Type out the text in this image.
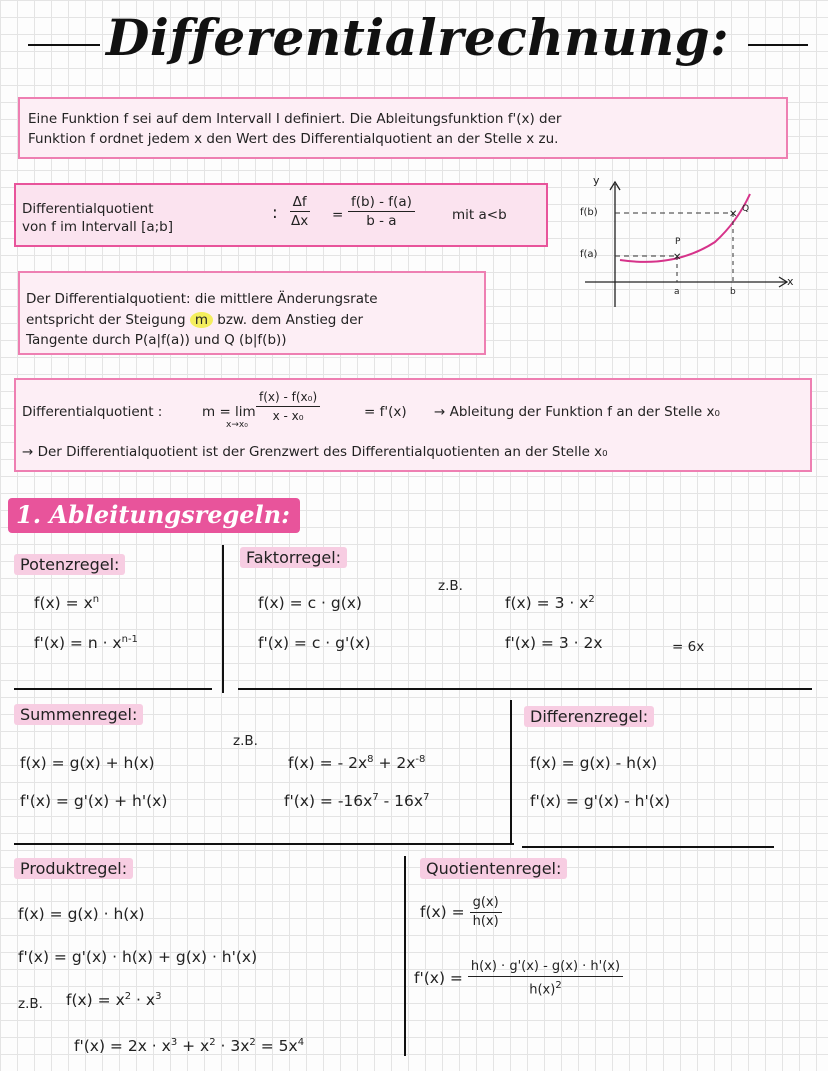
Differentialrechnung:
Eine Funktion f sei auf dem Intervall I definiert. Die Ableitungsfunktion f'(x) der
Funktion f ordnet jedem x den Wert des Differentialquotient an der Stelle x zu.
Differentialquotient
von f im Intervall [a;b]
: $\frac{\Delta f}{\Delta x} = \frac{f(b) - f(a)}{b - a}$	mit a<b
✕
✕
y
x
f(b)
f(a)
P
Q
a	b
Der Differentialquotient: die mittlere Änderungsrate
entspricht der Steigung m bzw. dem Anstieg der
Tangente durch P(a|f(a)) und Q (b|f(b))
Differentialquotient :	m = lim
$x\to x_0 \frac{\text{f(x) - f(x₀)}}{\text{x - x₀}}$	= f'(x) → Ableitung der Funktion f an der Stelle x₀
→ Der Differentialquotient ist der Grenzwert des Differentialquotienten an der Stelle x₀
1. Ableitungsregeln:
Potenzregel:
$f(x) = x^n$
$f'(x) = n \cdot x^{n-1}$
Faktorregel:
f(x) = c · g(x)
f'(x) = c · g'(x)
z.B.
$f(x) = 3 \cdot x^2$
f'(x) = 3 · 2x	= 6x
Summenregel:
f(x) = g(x) + h(x)
f'(x) = g'(x) + h'(x)
z.B.
f(x) = - $2x^8 + 2x^{-8}$
$f'(x) = -16x^7 - 16x^7$
Differenzregel:
f(x) = g(x) - h(x)
f'(x) = g'(x) - h'(x)
Produktregel:
f(x) = g(x) · h(x)
f'(x) = g'(x) · h(x) + g(x) · h'(x)
z.B. $f(x) = x^2 \cdot x^3$
$f'(x) = 2x \cdot x^3 + x^2 \cdot 3x^2 = 5x^4$
Quotientenregel:
$f(x) = \frac{g(x)}{h(x)}$
$f'(x) = \frac{h(x) \cdot g'(x) - g(x) \cdot h'(x)}{h(x)^2}$
